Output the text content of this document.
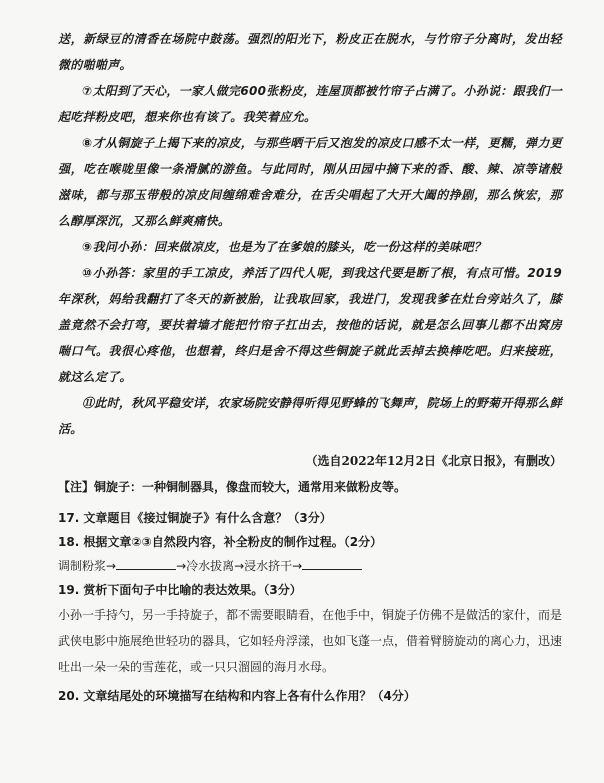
送，新绿豆的清香在场院中鼓荡。强烈的阳光下，粉皮正在脱水，与竹帘子分离时，发出轻微的啪啪声。

⑦太阳到了天心，一家人做完600张粉皮，连屋顶都被竹帘子占满了。小孙说：跟我们一起吃拌粉皮吧，想来你也有该了。我笑着应允。

⑧才从铜旋子上揭下来的凉皮，与那些晒干后又泡发的凉皮口感不太一样，更糯，弹力更强，吃在喉咙里像一条滑腻的游鱼。与此同时，刚从田园中摘下来的香、酸、辣、凉等诸般滋味，都与那玉带般的凉皮间缠绵难舍难分，在舌尖唱起了大开大阖的挣剧，那么恢宏，那么醇厚深沉，又那么鲜爽痛快。

⑨我问小孙：回来做凉皮，也是为了在爹娘的膝头，吃一份这样的美味吧？

⑩小孙答：家里的手工凉皮，养活了四代人呢，到我这代要是断了根，有点可惜。2019年深秋，妈给我翻打了冬天的新被胎，让我取回家，我进门，发现我爹在灶台旁站久了，膝盖竟然不会打弯，要扶着墙才能把竹帘子扛出去，按他的话说，就是怎么回事儿都不出窝房喘口气。我很心疼他，也想着，终归是舍不得这些铜旋子就此丢掉去换棒吃吧。归来接班，就这么定了。

⑪此时，秋风平稳安详，农家场院安静得听得见野蜂的飞舞声，院场上的野菊开得那么鲜活。

（选自2022年12月2日《北京日报》，有删改）

【注】铜旋子：一种铜制器具，像盘而较大，通常用来做粉皮等。

17. 文章题目《接过铜旋子》有什么含意？（3分）

18. 根据文章②③自然段内容，补全粉皮的制作过程。（2分）

调制粉浆→	→冷水拔离→浸水挤干→

19. 赏析下面句子中比喻的表达效果。（3分）

小孙一手持勺，另一手持旋子，都不需要眼睛看，在他手中，铜旋子仿佛不是做活的家什，而是武侠电影中施展绝世轻功的器具，它如轻舟浮漾，也如飞蓬一点，借着臂膀旋动的离心力，迅速吐出一朵一朵的雪莲花，或一只只溜圆的海月水母。

20. 文章结尾处的环境描写在结构和内容上各有什么作用？（4分）
